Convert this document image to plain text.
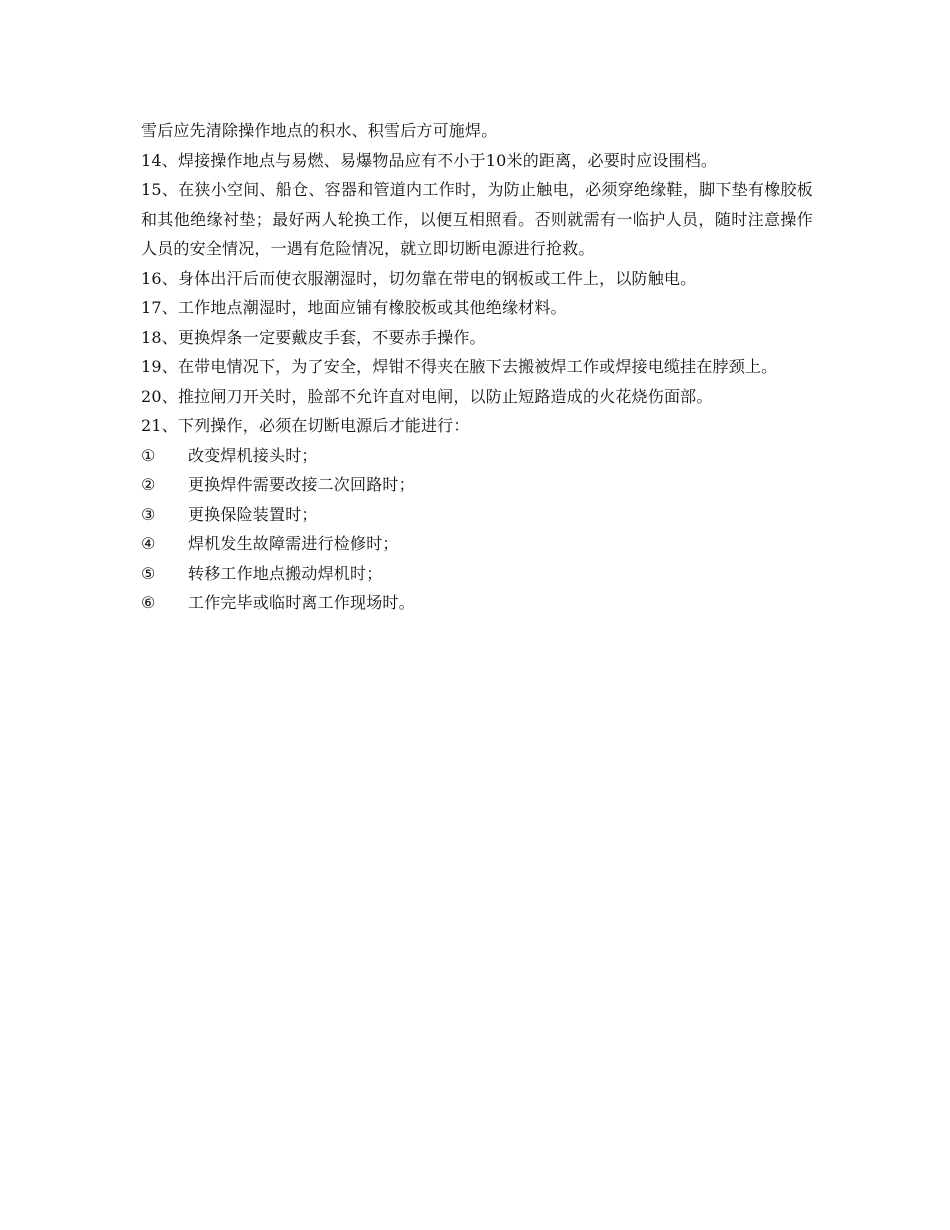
雪后应先清除操作地点的积水、积雪后方可施焊。

14、焊接操作地点与易燃、易爆物品应有不小于10米的距离，必要时应设围档。

15、在狭小空间、船仓、容器和管道内工作时，为防止触电，必须穿绝缘鞋，脚下垫有橡胶板和其他绝缘衬垫；最好两人轮换工作，以便互相照看。否则就需有一临护人员，随时注意操作人员的安全情况，一遇有危险情况，就立即切断电源进行抢救。

16、身体出汗后而使衣服潮湿时，切勿靠在带电的钢板或工件上，以防触电。

17、工作地点潮湿时，地面应铺有橡胶板或其他绝缘材料。

18、更换焊条一定要戴皮手套，不要赤手操作。

19、在带电情况下，为了安全，焊钳不得夹在腋下去搬被焊工作或焊接电缆挂在脖颈上。

20、推拉闸刀开关时，脸部不允许直对电闸，以防止短路造成的火花烧伤面部。

21、下列操作，必须在切断电源后才能进行：

①	改变焊机接头时；
②	更换焊件需要改接二次回路时；
③	更换保险装置时；
④	焊机发生故障需进行检修时；
⑤	转移工作地点搬动焊机时；
⑥	工作完毕或临时离工作现场时。
